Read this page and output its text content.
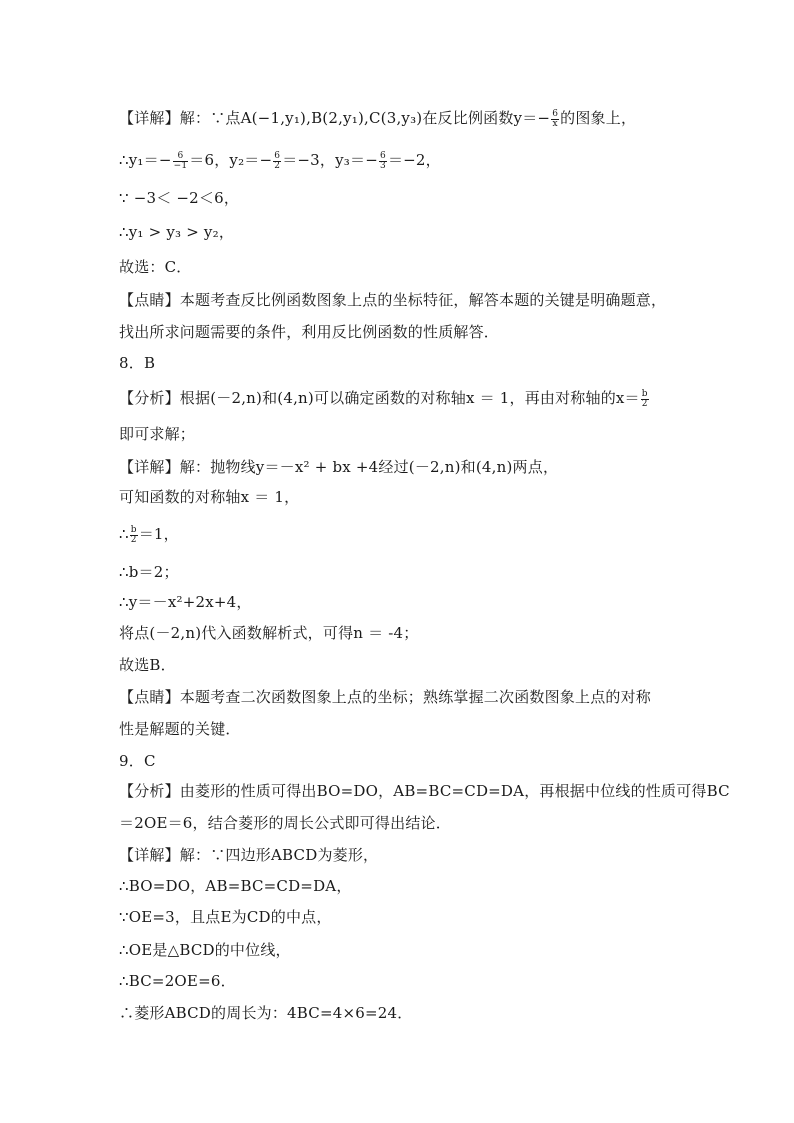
【详解】解：∵点A(−1,y₁),B(2,y₁),C(3,y₃)在反比例函数$y=- \frac{6}{x}$ 的图象上，
∴y₁＝− $\frac{6}{-1} =6$，$y_2=- \frac{6}{2} =-3$，$y_3=- \frac{6}{3} =-2$，
∵ −3＜ −2＜6，
∴y₁ > y₃ > y₂，
故选：C．
【点睛】本题考查反比例函数图象上点的坐标特征，解答本题的关键是明确题意，
找出所求问题需要的条件，利用反比例函数的性质解答．
8．B
【分析】根据(－2,n)和(4,n)可以确定函数的对称轴x ＝ 1，再由对称轴的$x= \frac{b}{2}$
即可求解；
【详解】解：抛物线y＝－x² + bx +4经过(－2,n)和(4,n)两点，
可知函数的对称轴x ＝ 1，
∴ $\frac{b}{2} =1$，
∴b＝2；
∴y＝－x²+2x+4，
将点(－2,n)代入函数解析式，可得n ＝ -4；
故选B．
【点睛】本题考查二次函数图象上点的坐标；熟练掌握二次函数图象上点的对称
性是解题的关键．
9．C
【分析】由菱形的性质可得出BO=DO，AB=BC=CD=DA，再根据中位线的性质可得BC
＝2OE＝6，结合菱形的周长公式即可得出结论．
【详解】解：∵四边形ABCD为菱形，
∴BO=DO，AB=BC=CD=DA，
∵OE=3，且点E为CD的中点，
∴OE是△BCD的中位线，
∴BC=2OE=6．
∴菱形ABCD的周长为：4BC=4×6=24．
